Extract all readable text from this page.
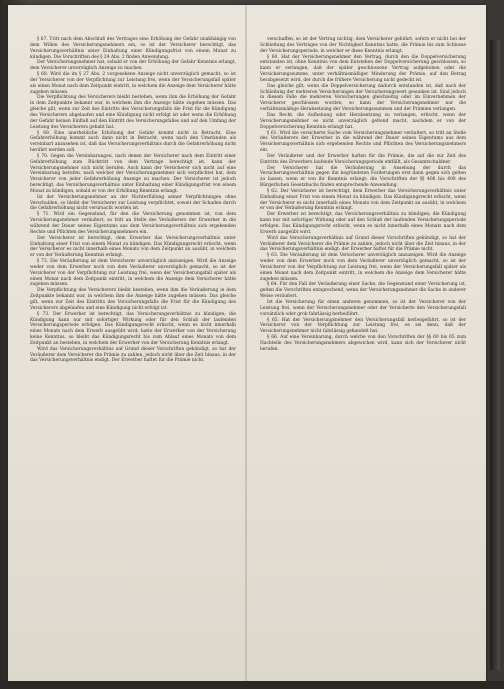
§ 67. Tritt nach dem Abschluß des Vertrages eine Erhöhung der Gefahr unabhängig von dem Willen des Versicherungsnehmers ein, so ist der Versicherer berechtigt, das Versicherungsverhältnis unter Einhaltung einer Kündigungsfrist von einem Monat zu kündigen. Die Vorschriften des § 24 Abs. 2 finden Anwendung.

Der Versicherungsnehmer hat, sobald er von der Erhöhung der Gefahr Kenntnis erlangt, dem Versicherer unverzüglich Anzeige zu machen.

§ 68. Wird die im § 27 Abs. 2 vorgesehene Anzeige nicht unverzüglich gemacht, so ist der Versicherer von der Verpflichtung zur Leistung frei, wenn der Versicherungsfall später als einen Monat nach dem Zeitpunkt eintritt, in welchem die Anzeige dem Versicherer hätte zugehen müssen.

Die Verpflichtung des Versicherers bleibt bestehen, wenn ihm die Erhöhung der Gefahr in dem Zeitpunkte bekannt war, in welchem ihm die Anzeige hätte zugehen müssen. Das gleiche gilt, wenn zur Zeit des Eintritts des Versicherungsfalls die Frist für die Kündigung des Versicherers abgelaufen und eine Kündigung nicht erfolgt ist oder wenn die Erhöhung der Gefahr keinen Einfluß auf den Eintritt des Versicherungsfalles und auf den Umfang der Leistung des Versicherers gehabt hat.

§ 69. Eine unerhebliche Erhöhung der Gefahr kommt nicht in Betracht. Eine Gefahrerhöhung kommt auch dann nicht in Betracht, wenn nach den Umständen als vereinbart anzusehen ist, daß das Versicherungsverhältnis durch die Gefahrerhöhung nicht berührt werden soll.

§ 70. Gegen die Vereinbarungen, nach denen der Versicherer nach dem Eintritt einer Gefahrerhöhung zum Rücktritt von dem Vertrage berechtigt ist, kann der Versicherungsnehmer sich nicht berufen. Auch kann der Versicherer sich nicht auf eine Vereinbarung berufen, nach welcher der Versicherungsnehmer sich verpflichtet hat, dem Versicherer von jeder Gefahrerhöhung Anzeige zu machen. Der Versicherer ist jedoch berechtigt, das Versicherungsverhältnis unter Einhaltung einer Kündigungsfrist von einem Monat zu kündigen, sobald er von der Erhöhung Kenntnis erlangt.

Ist der Versicherungsnehmer an der Nichterfüllung seiner Verpflichtungen ohne Verschulden, so bleibt der Versicherer zur Leistung verpflichtet, soweit der Schaden durch die Gefahrerhöhung nicht verursacht worden ist.

§ 71. Wird ein Gegenstand, für den die Versicherung genommen ist, von dem Versicherungsnehmer veräußert, so tritt an Stelle des Veräußerers der Erwerber in die während der Dauer seines Eigentums aus dem Versicherungsverhältnis sich ergebenden Rechte und Pflichten des Versicherungsnehmers ein.

Der Versicherer ist berechtigt, dem Erwerber das Versicherungsverhältnis unter Einhaltung einer Frist von einem Monat zu kündigen. Das Kündigungsrecht erlischt, wenn der Versicherer es nicht innerhalb eines Monats von dem Zeitpunkt an ausübt, in welchem er von der Veräußerung Kenntnis erlangt.

§ 72. Die Veräußerung ist dem Versicherer unverzüglich anzuzeigen. Wird die Anzeige weder von dem Erwerber noch von dem Veräußerer unverzüglich gemacht, so ist der Versicherer von der Verpflichtung zur Leistung frei, wenn der Versicherungsfall später als einen Monat nach dem Zeitpunkt eintritt, in welchem die Anzeige dem Versicherer hätte zugehen müssen.

Die Verpflichtung des Versicherers bleibt bestehen, wenn ihm die Veräußerung in dem Zeitpunkte bekannt war, in welchem ihm die Anzeige hätte zugehen müssen. Das gleiche gilt, wenn zur Zeit des Eintritts des Versicherungsfalls die Frist für die Kündigung des Versicherers abgelaufen und eine Kündigung nicht erfolgt ist.

§ 73. Der Erwerber ist berechtigt, das Versicherungsverhältnis zu kündigen; die Kündigung kann nur mit sofortiger Wirkung oder für den Schluß der laufenden Versicherungsperiode erfolgen. Das Kündigungsrecht erlischt, wenn es nicht innerhalb eines Monats nach dem Erwerb ausgeübt wird; hatte der Erwerber von der Versicherung keine Kenntnis, so bleibt das Kündigungsrecht bis zum Ablauf eines Monats von dem Zeitpunkt an bestehen, in welchem der Erwerber von der Versicherung Kenntnis erlangt.

Wird das Versicherungsverhältnis auf Grund dieser Vorschriften gekündigt, so hat der Veräußerer dem Versicherer die Prämie zu zahlen, jedoch nicht über die Zeit hinaus, in der das Versicherungsverhältnis endigt. Der Erwerber haftet für die Prämie nicht.

verschaffen, so ist der Vertrag nichtig; dem Versicherer gebührt, sofern er nicht bei der Schließung des Vertrages von der Nichtigkeit Kenntnis hatte, die Prämie bis zum Schlusse der Versicherungsperiode, in welcher er diese Kenntnis erlangt.

§ 60. Hat der Versicherungsnehmer den Vertrag, durch den die Doppelversicherung entstanden ist, ohne Kenntnis von dem Entstehen der Doppelversicherung geschlossen, so kann er verlangen, daß der später geschlossene Vertrag aufgehoben oder die Versicherungssumme, unter verhältnismäßiger Minderung der Prämie, auf den Betrag herabgesetzt wird, der durch die frühere Versicherung nicht gedeckt ist.

Das gleiche gilt, wenn die Doppelversicherung dadurch entstanden ist, daß nach der Schließung der mehreren Versicherungen der Versicherungswert gesunken ist. Sind jedoch in diesem Falle die mehreren Versicherungen gleichzeitig oder im Einvernehmen der Versicherer geschlossen worden, so kann der Versicherungsnehmer nur die verhältnismäßige Herabsetzung der Versicherungssummen und der Prämien verlangen.

Das Recht, die Aufhebung oder Herabsetzung zu verlangen, erlischt, wenn der Versicherungsnehmer es nicht unverzüglich geltend macht, nachdem er von der Doppelversicherung Kenntnis erlangt hat.

§ 61. Wird die versicherte Sache vom Versicherungsnehmer veräußert, so tritt an Stelle des Veräußerers der Erwerber in die während der Dauer seines Eigentums aus dem Versicherungsverhältnis sich ergebenden Rechte und Pflichten des Versicherungsnehmers ein.

Der Veräußerer und der Erwerber haften für die Prämie, die auf die zur Zeit des Eintritts des Erwerbers laufende Versicherungsperiode entfällt, als Gesamtschuldner.

Der Versicherer hat die Veräußerung in Ansehung der durch das Versicherungsverhältnis gegen ihn begründeten Forderungen erst dann gegen sich gelten zu lassen, wenn er von ihr Kenntnis erlangt; die Vorschriften der §§ 406 bis 408 des Bürgerlichen Gesetzbuchs finden entsprechende Anwendung.

§ 62. Der Versicherer ist berechtigt, dem Erwerber das Versicherungsverhältnis unter Einhaltung einer Frist von einem Monat zu kündigen. Das Kündigungsrecht erlischt, wenn der Versicherer es nicht innerhalb eines Monats von dem Zeitpunkt an ausübt, in welchem er von der Veräußerung Kenntnis erlangt.

Der Erwerber ist berechtigt, das Versicherungsverhältnis zu kündigen; die Kündigung kann nur mit sofortiger Wirkung oder auf den Schluß der laufenden Versicherungsperiode erfolgen. Das Kündigungsrecht erlischt, wenn es nicht innerhalb eines Monats nach dem Erwerb ausgeübt wird.

Wird das Versicherungsverhältnis auf Grund dieser Vorschriften gekündigt, so hat der Veräußerer dem Versicherer die Prämie zu zahlen, jedoch nicht über die Zeit hinaus, in der das Versicherungsverhältnis endigt; der Erwerber haftet für die Prämie nicht.

§ 63. Die Veräußerung ist dem Versicherer unverzüglich anzuzeigen. Wird die Anzeige weder von dem Erwerber noch von dem Veräußerer unverzüglich gemacht, so ist der Versicherer von der Verpflichtung zur Leistung frei, wenn der Versicherungsfall später als einen Monat nach dem Zeitpunkt eintritt, in welchem die Anzeige dem Versicherer hätte zugehen müssen.

§ 64. Für den Fall der Veräußerung einer Sache, die Gegenstand einer Versicherung ist, gelten die Vorschriften entsprechend, wenn der Versicherungsnehmer die Sache in anderer Weise veräußert.

Ist die Versicherung für einen anderen genommen, so ist der Versicherer von der Leistung frei, wenn der Versicherungsnehmer oder der Versicherte den Versicherungsfall vorsätzlich oder grob fahrlässig herbeiführt.

§ 65. Hat der Versicherungsnehmer den Versicherungsfall herbeigeführt, so ist der Versicherer von der Verpflichtung zur Leistung frei, es sei denn, daß der Versicherungsnehmer nicht fahrlässig gehandelt hat.

§ 66. Auf eine Vereinbarung, durch welche von den Vorschriften der §§ 60 bis 65 zum Nachteile des Versicherungsnehmers abgewichen wird, kann sich der Versicherer nicht berufen.
